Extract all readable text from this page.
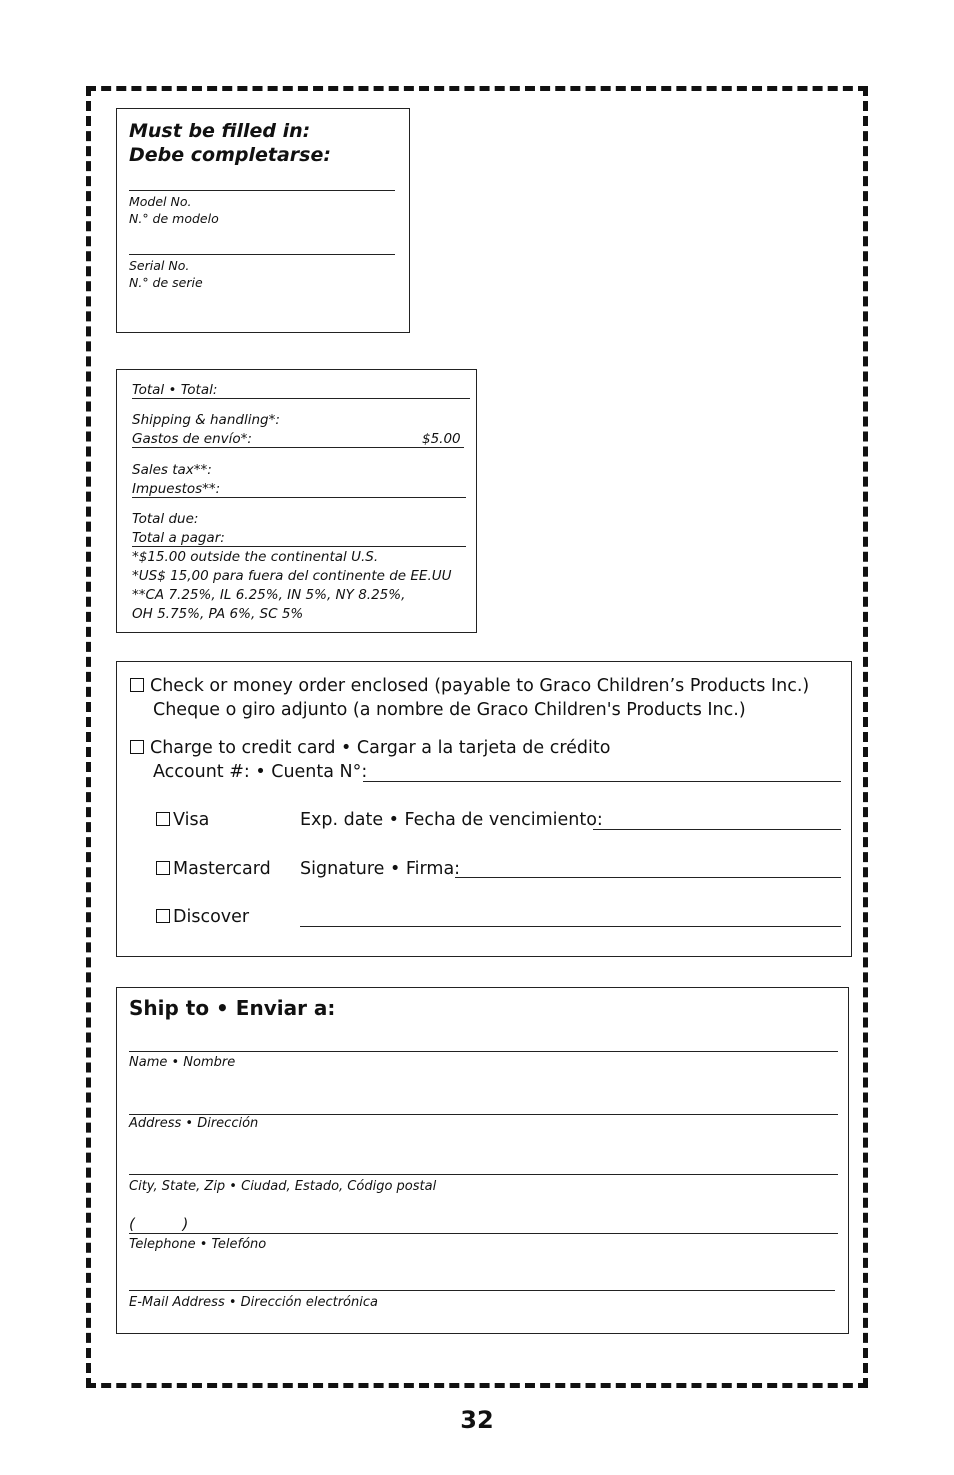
Must be filled in:
Debe completarse:
Model No.
N.° de modelo
Serial No.
N.° de serie
Total • Total:
Shipping & handling*:
Gastos de envío*:	$5.00
Sales tax**:
Impuestos**:
Total due:
Total a pagar:
*$15.00 outside the continental U.S.
*US$ 15,00 para fuera del continente de EE.UU
**CA 7.25%, IL 6.25%, IN 5%, NY 8.25%,
OH 5.75%, PA 6%, SC 5%
Check or money order enclosed (payable to Graco Children’s Products Inc.)
Cheque o giro adjunto (a nombre de Graco Children's Products Inc.)
Charge to credit card • Cargar a la tarjeta de crédito
Account #: • Cuenta N°:
Visa	Exp. date • Fecha de vencimiento:
Mastercard Signature • Firma:
Discover
Ship to • Enviar a:
Name • Nombre
Address • Dirección
City, State, Zip • Ciudad, Estado, Código postal
(          )
Telephone • Telefóno
E-Mail Address • Dirección electrónica
32
